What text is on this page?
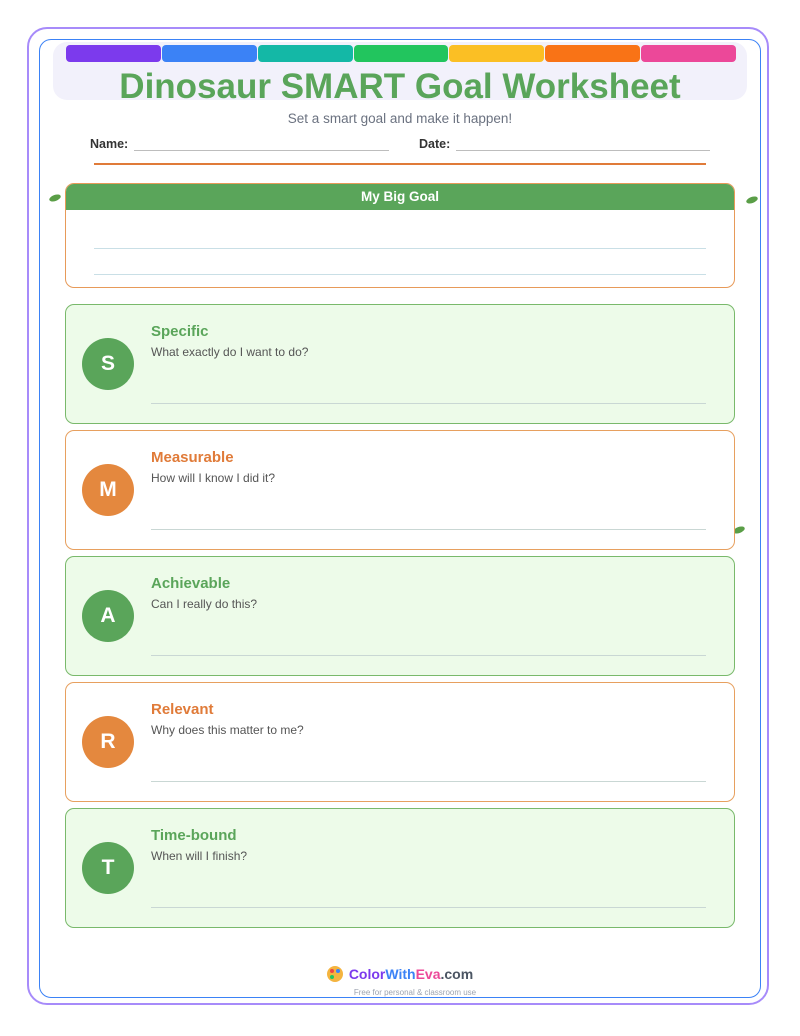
Dinosaur SMART Goal Worksheet
Set a smart goal and make it happen!
Name:	Date:
My Big Goal
S
Specific
What exactly do I want to do?
M
Measurable
How will I know I did it?
A
Achievable
Can I really do this?
R
Relevant
Why does this matter to me?
T
Time-bound
When will I finish?
ColorWithEva.com
Free for personal & classroom use
